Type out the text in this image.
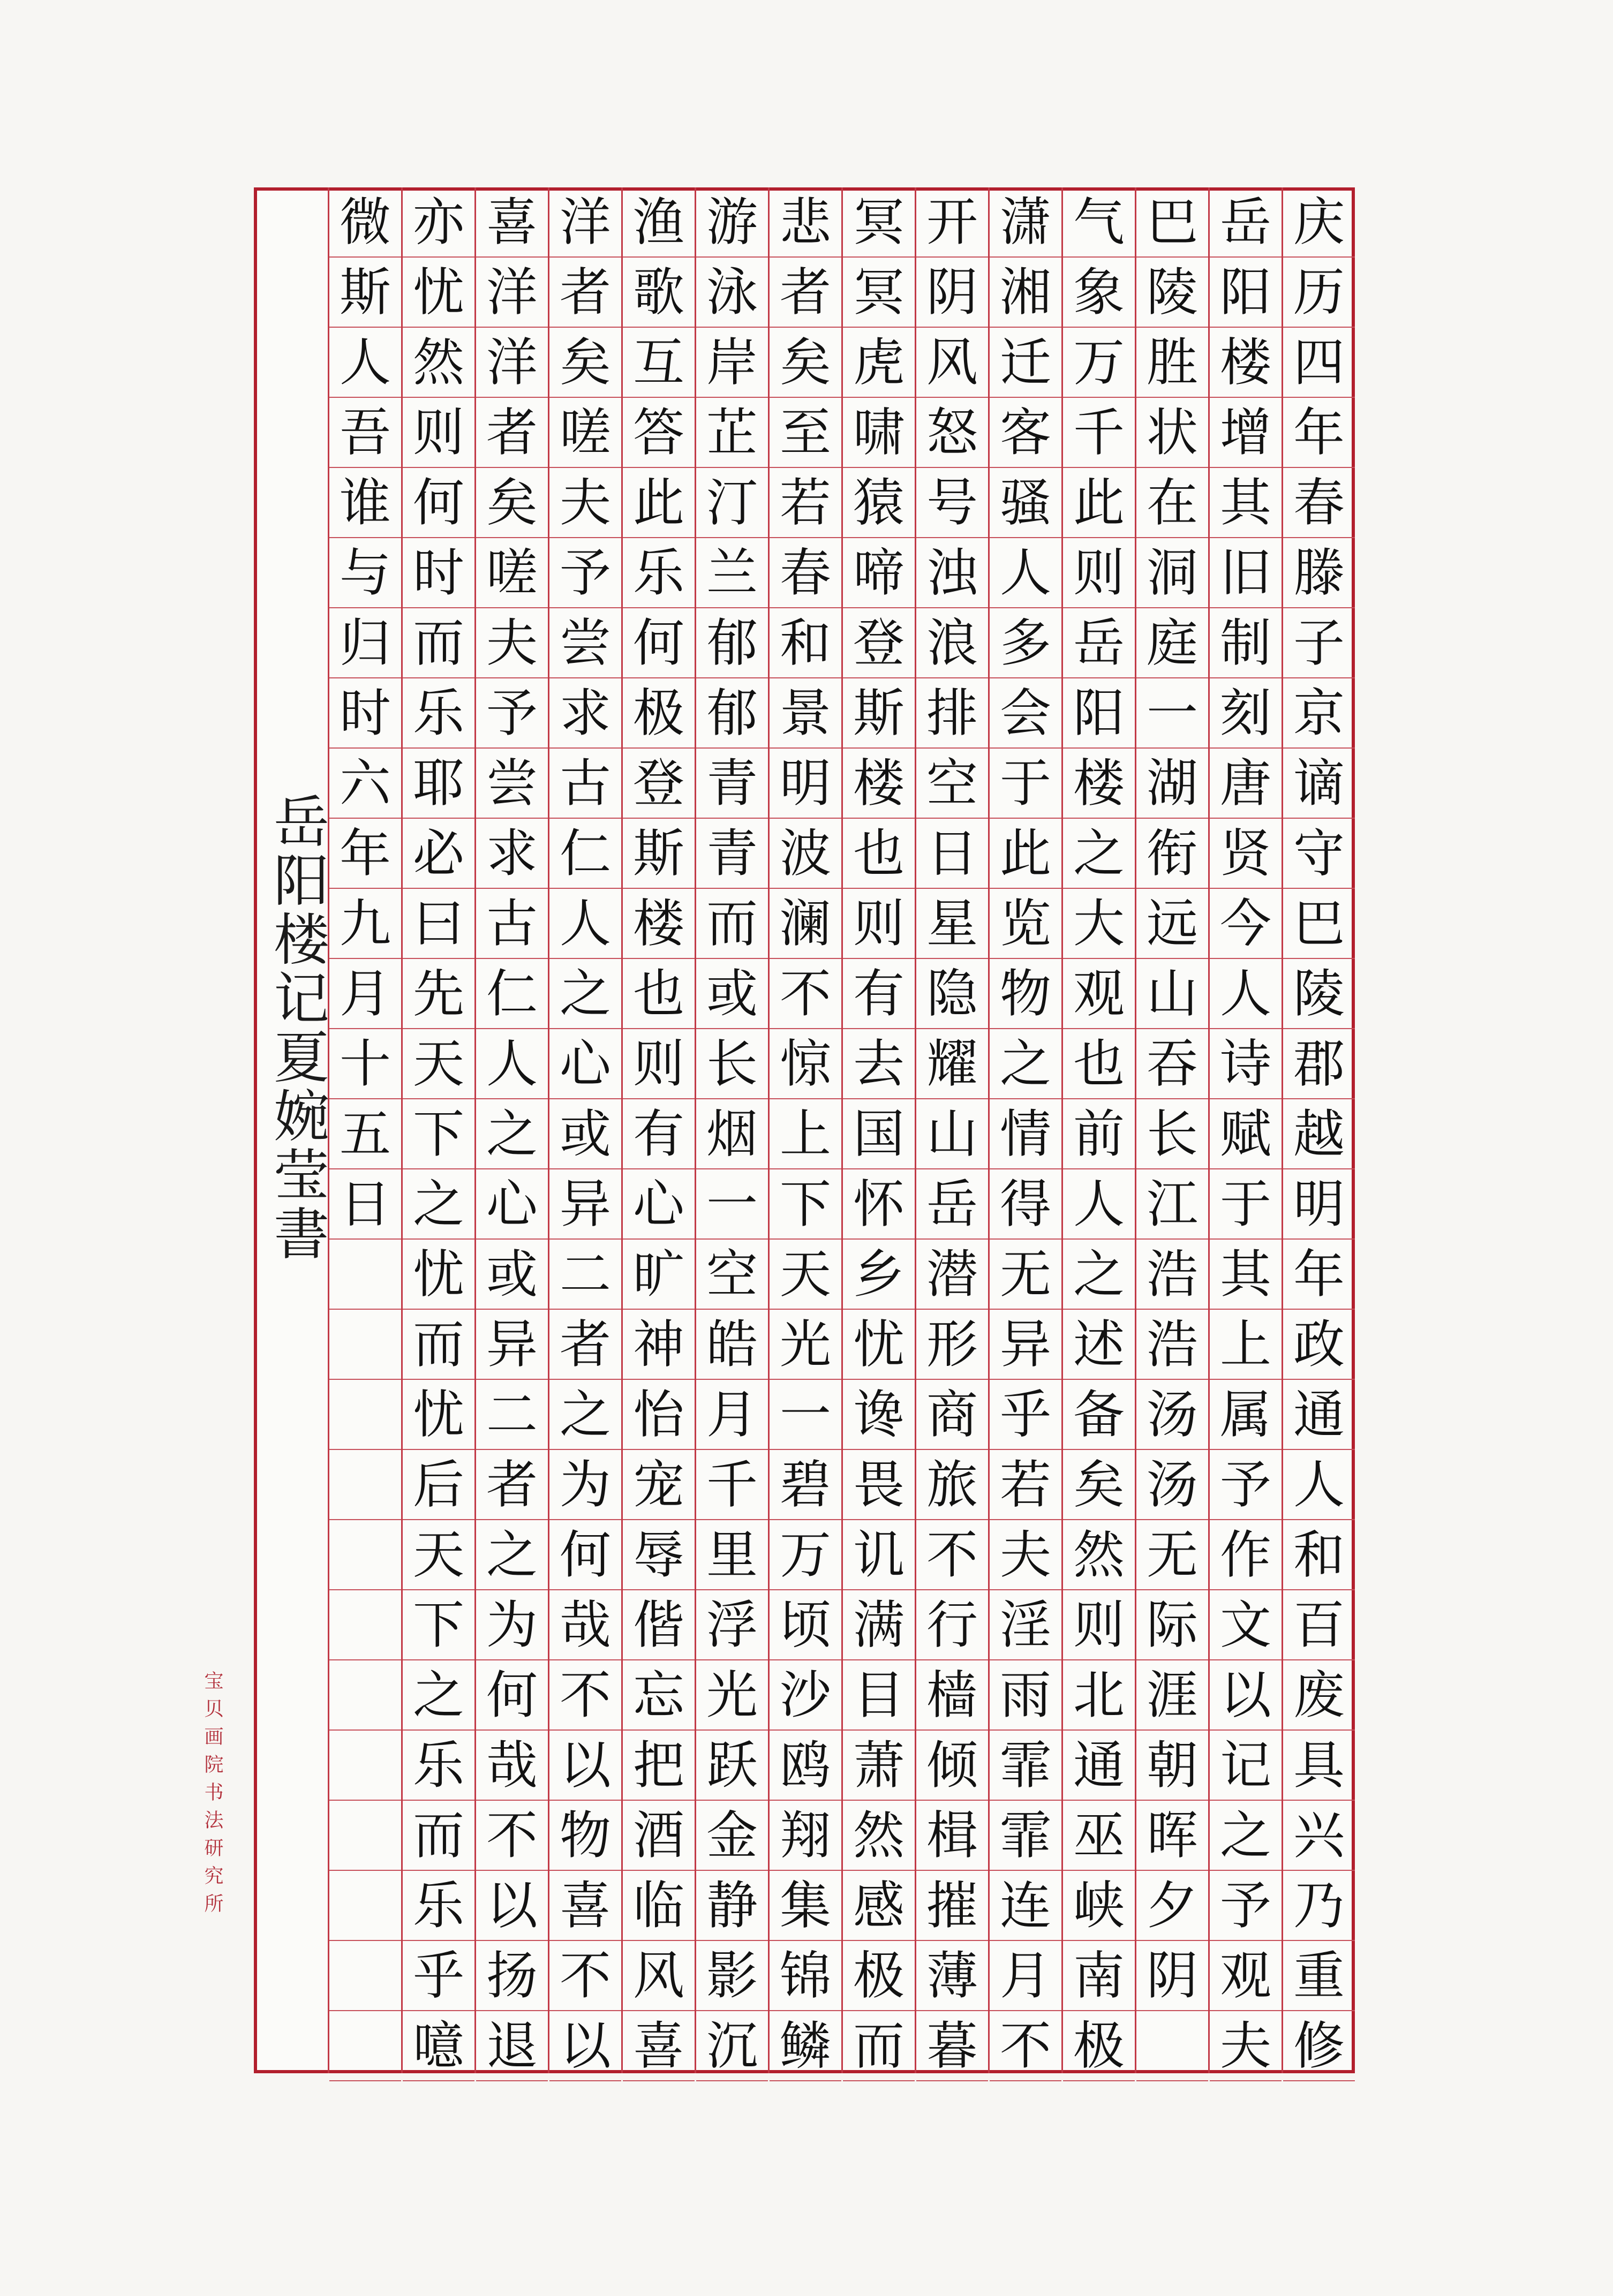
庆
历
四
年
春
滕
子
京
谪
守
巴
陵
郡
越
明
年
政
通
人
和
百
废
具
兴
乃
重
修
岳
阳
楼
增
其
旧
制
刻
唐
贤
今
人
诗
赋
于
其
上
属
予
作
文
以
记
之
予
观
夫
巴
陵
胜
状
在
洞
庭
一
湖
衔
远
山
吞
长
江
浩
浩
汤
汤
无
际
涯
朝
晖
夕
阴
气
象
万
千
此
则
岳
阳
楼
之
大
观
也
前
人
之
述
备
矣
然
则
北
通
巫
峡
南
极
潇
湘
迁
客
骚
人
多
会
于
此
览
物
之
情
得
无
异
乎
若
夫
淫
雨
霏
霏
连
月
不
开
阴
风
怒
号
浊
浪
排
空
日
星
隐
耀
山
岳
潜
形
商
旅
不
行
樯
倾
楫
摧
薄
暮
冥
冥
虎
啸
猿
啼
登
斯
楼
也
则
有
去
国
怀
乡
忧
谗
畏
讥
满
目
萧
然
感
极
而
悲
者
矣
至
若
春
和
景
明
波
澜
不
惊
上
下
天
光
一
碧
万
顷
沙
鸥
翔
集
锦
鳞
游
泳
岸
芷
汀
兰
郁
郁
青
青
而
或
长
烟
一
空
皓
月
千
里
浮
光
跃
金
静
影
沉
渔
歌
互
答
此
乐
何
极
登
斯
楼
也
则
有
心
旷
神
怡
宠
辱
偕
忘
把
酒
临
风
喜
洋
者
矣
嗟
夫
予
尝
求
古
仁
人
之
心
或
异
二
者
之
为
何
哉
不
以
物
喜
不
以
喜
洋
洋
者
矣
嗟
夫
予
尝
求
古
仁
人
之
心
或
异
二
者
之
为
何
哉
不
以
扬
退
亦
忧
然
则
何
时
而
乐
耶
必
曰
先
天
下
之
忧
而
忧
后
天
下
之
乐
而
乐
乎
噫
微
斯
人
吾
谁
与
归
时
六
年
九
月
十
五
日
岳阳楼记夏婉莹書
宝贝画院书法研究所
